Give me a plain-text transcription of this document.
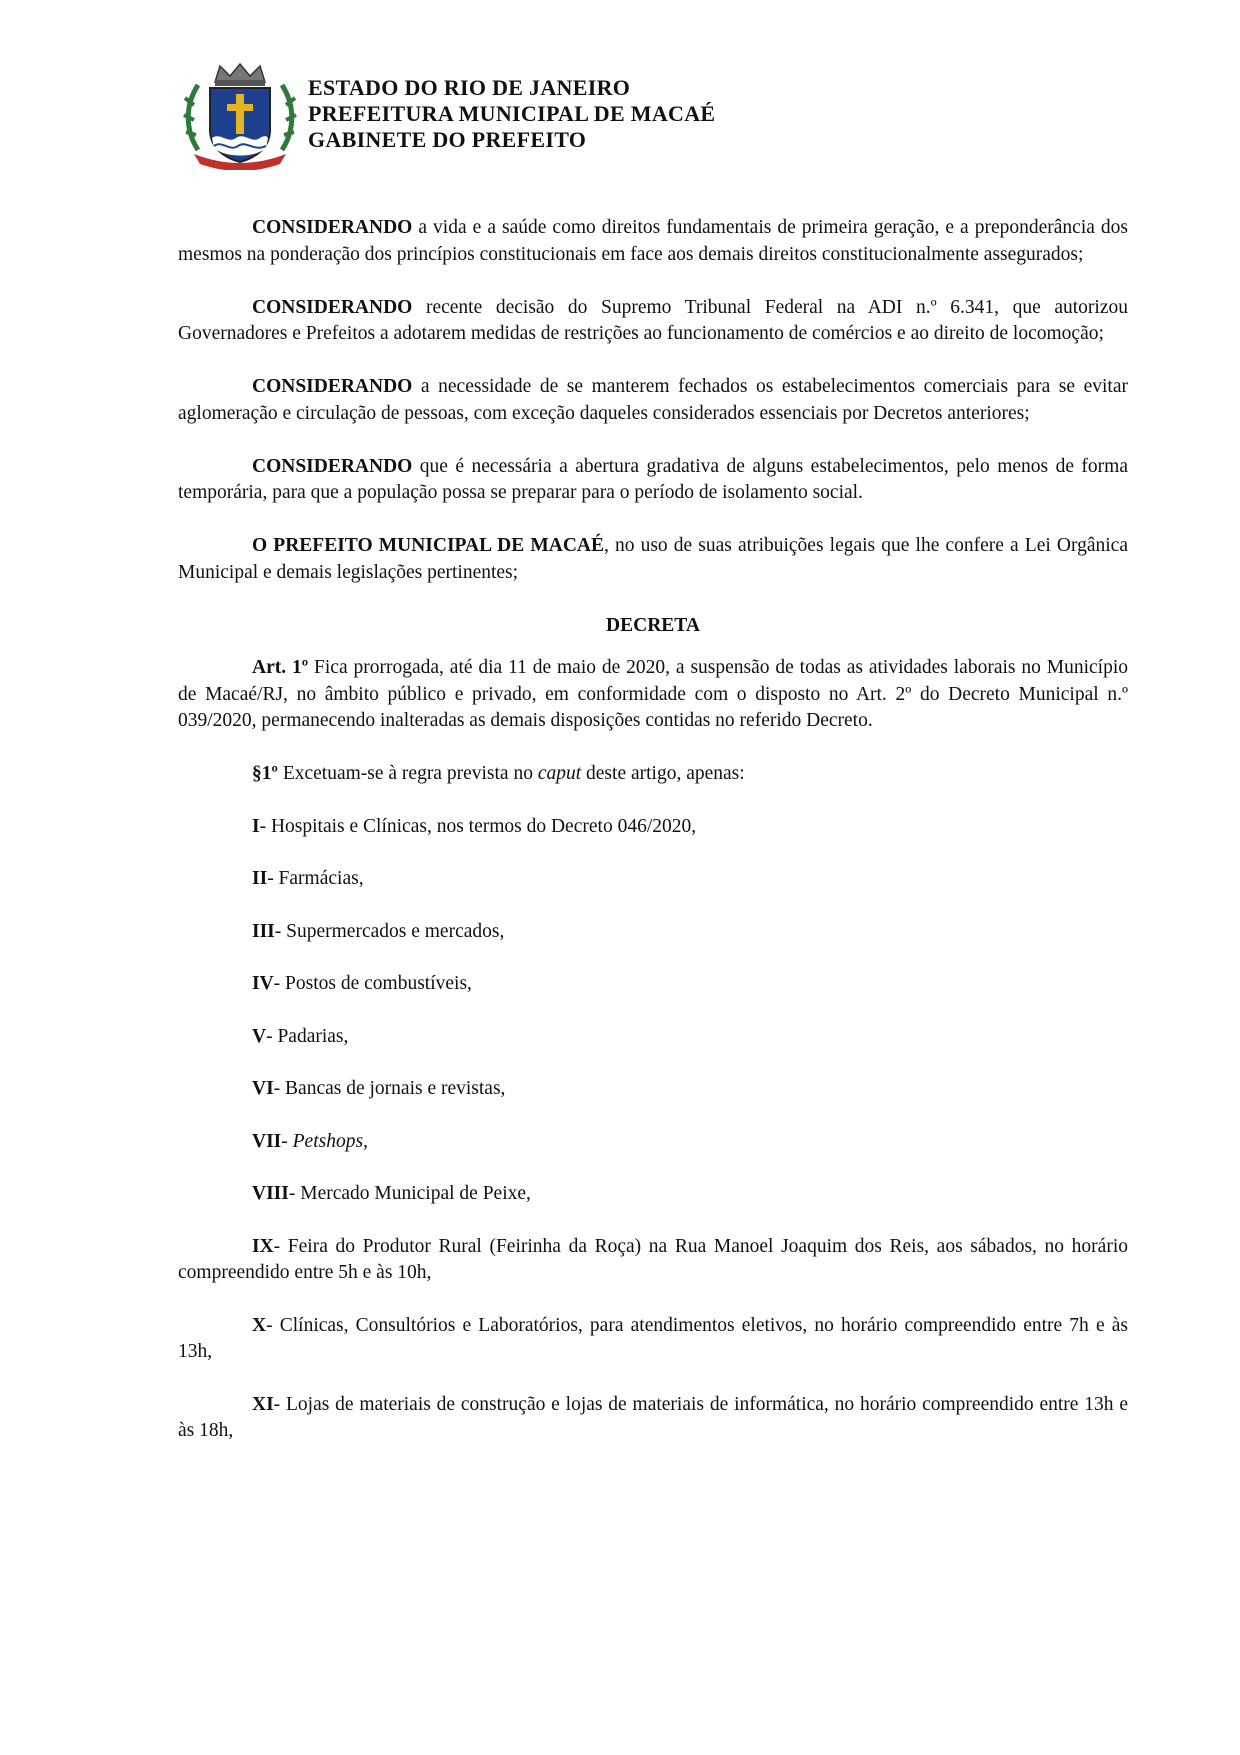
ESTADO DO RIO DE JANEIRO
PREFEITURA MUNICIPAL DE MACAÉ
GABINETE DO PREFEITO

CONSIDERANDO a vida e a saúde como direitos fundamentais de primeira geração, e a preponderância dos mesmos na ponderação dos princípios constitucionais em face aos demais direitos constitucionalmente assegurados;

CONSIDERANDO recente decisão do Supremo Tribunal Federal na ADI n.º 6.341, que autorizou Governadores e Prefeitos a adotarem medidas de restrições ao funcionamento de comércios e ao direito de locomoção;

CONSIDERANDO a necessidade de se manterem fechados os estabelecimentos comerciais para se evitar aglomeração e circulação de pessoas, com exceção daqueles considerados essenciais por Decretos anteriores;

CONSIDERANDO que é necessária a abertura gradativa de alguns estabelecimentos, pelo menos de forma temporária, para que a população possa se preparar para o período de isolamento social.

O PREFEITO MUNICIPAL DE MACAÉ, no uso de suas atribuições legais que lhe confere a Lei Orgânica Municipal e demais legislações pertinentes;

DECRETA

Art. 1º Fica prorrogada, até dia 11 de maio de 2020, a suspensão de todas as atividades laborais no Município de Macaé/RJ, no âmbito público e privado, em conformidade com o disposto no Art. 2º do Decreto Municipal n.º 039/2020, permanecendo inalteradas as demais disposições contidas no referido Decreto.

§1º Excetuam-se à regra prevista no caput deste artigo, apenas:

I- Hospitais e Clínicas, nos termos do Decreto 046/2020,

II- Farmácias,

III- Supermercados e mercados,

IV- Postos de combustíveis,

V- Padarias,

VI- Bancas de jornais e revistas,

VII- Petshops,

VIII- Mercado Municipal de Peixe,

IX- Feira do Produtor Rural (Feirinha da Roça) na Rua Manoel Joaquim dos Reis, aos sábados, no horário compreendido entre 5h e às 10h,

X- Clínicas, Consultórios e Laboratórios, para atendimentos eletivos, no horário compreendido entre 7h e às 13h,

XI- Lojas de materiais de construção e lojas de materiais de informática, no horário compreendido entre 13h e às 18h,
